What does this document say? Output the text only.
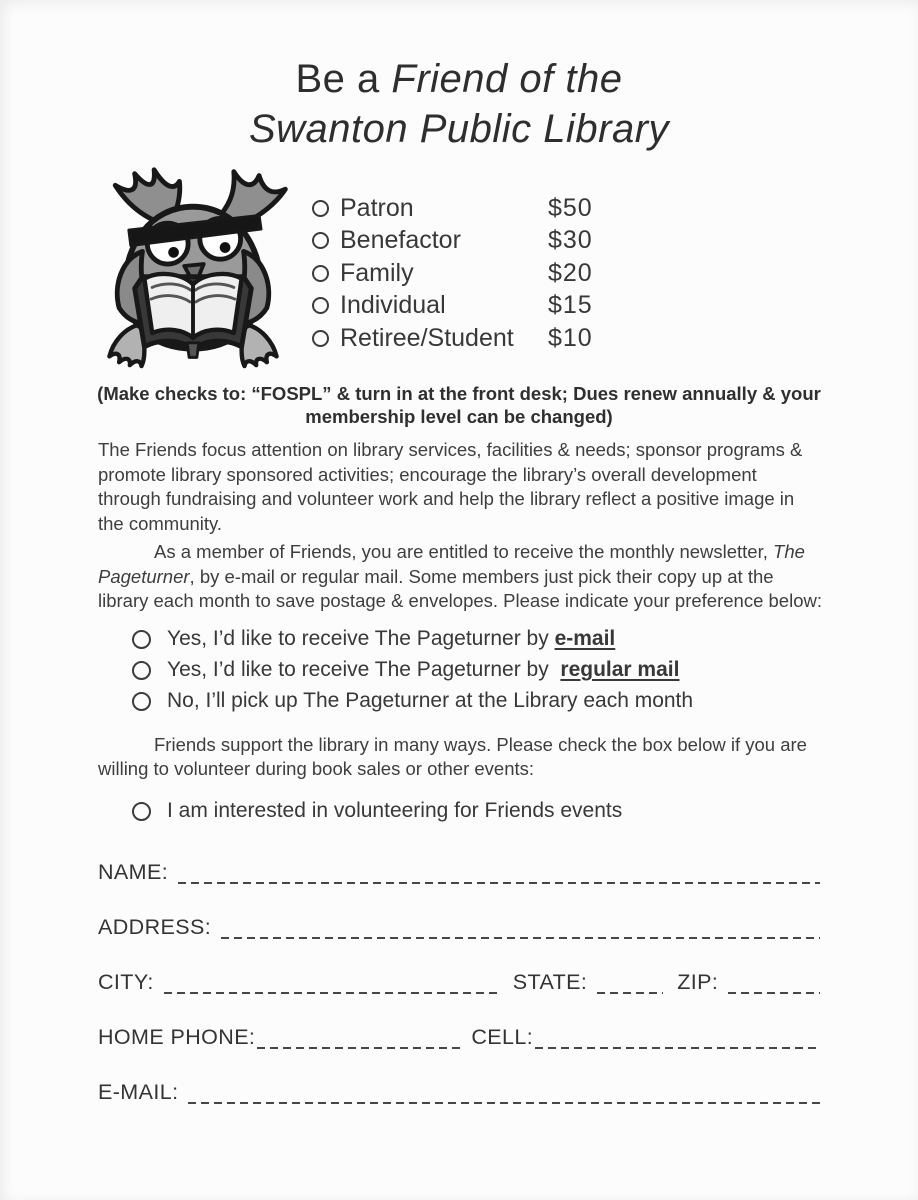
Be a Friend of the
Swanton Public Library
Patron	$50
Benefactor	$30
Family	$20
Individual	$15
Retiree/Student	$10
(Make checks to: “FOSPL” & turn in at the front desk; Dues renew annually & your membership level can be changed)

The Friends focus attention on library services, facilities & needs; sponsor programs & promote library sponsored activities; encourage the library’s overall development through fundraising and volunteer work and help the library reflect a positive image in the community.

As a member of Friends, you are entitled to receive the monthly newsletter, The Pageturner, by e-mail or regular mail. Some members just pick their copy up at the library each month to save postage & envelopes. Please indicate your preference below:

Yes, I’d like to receive The Pageturner by e-mail
Yes, I’d like to receive The Pageturner by regular mail
No, I’ll pick up The Pageturner at the Library each month

Friends support the library in many ways. Please check the box below if you are willing to volunteer during book sales or other events:

I am interested in volunteering for Friends events
NAME:
ADDRESS:
CITY:	STATE:	ZIP:
HOME PHONE:	CELL:
E-MAIL:
